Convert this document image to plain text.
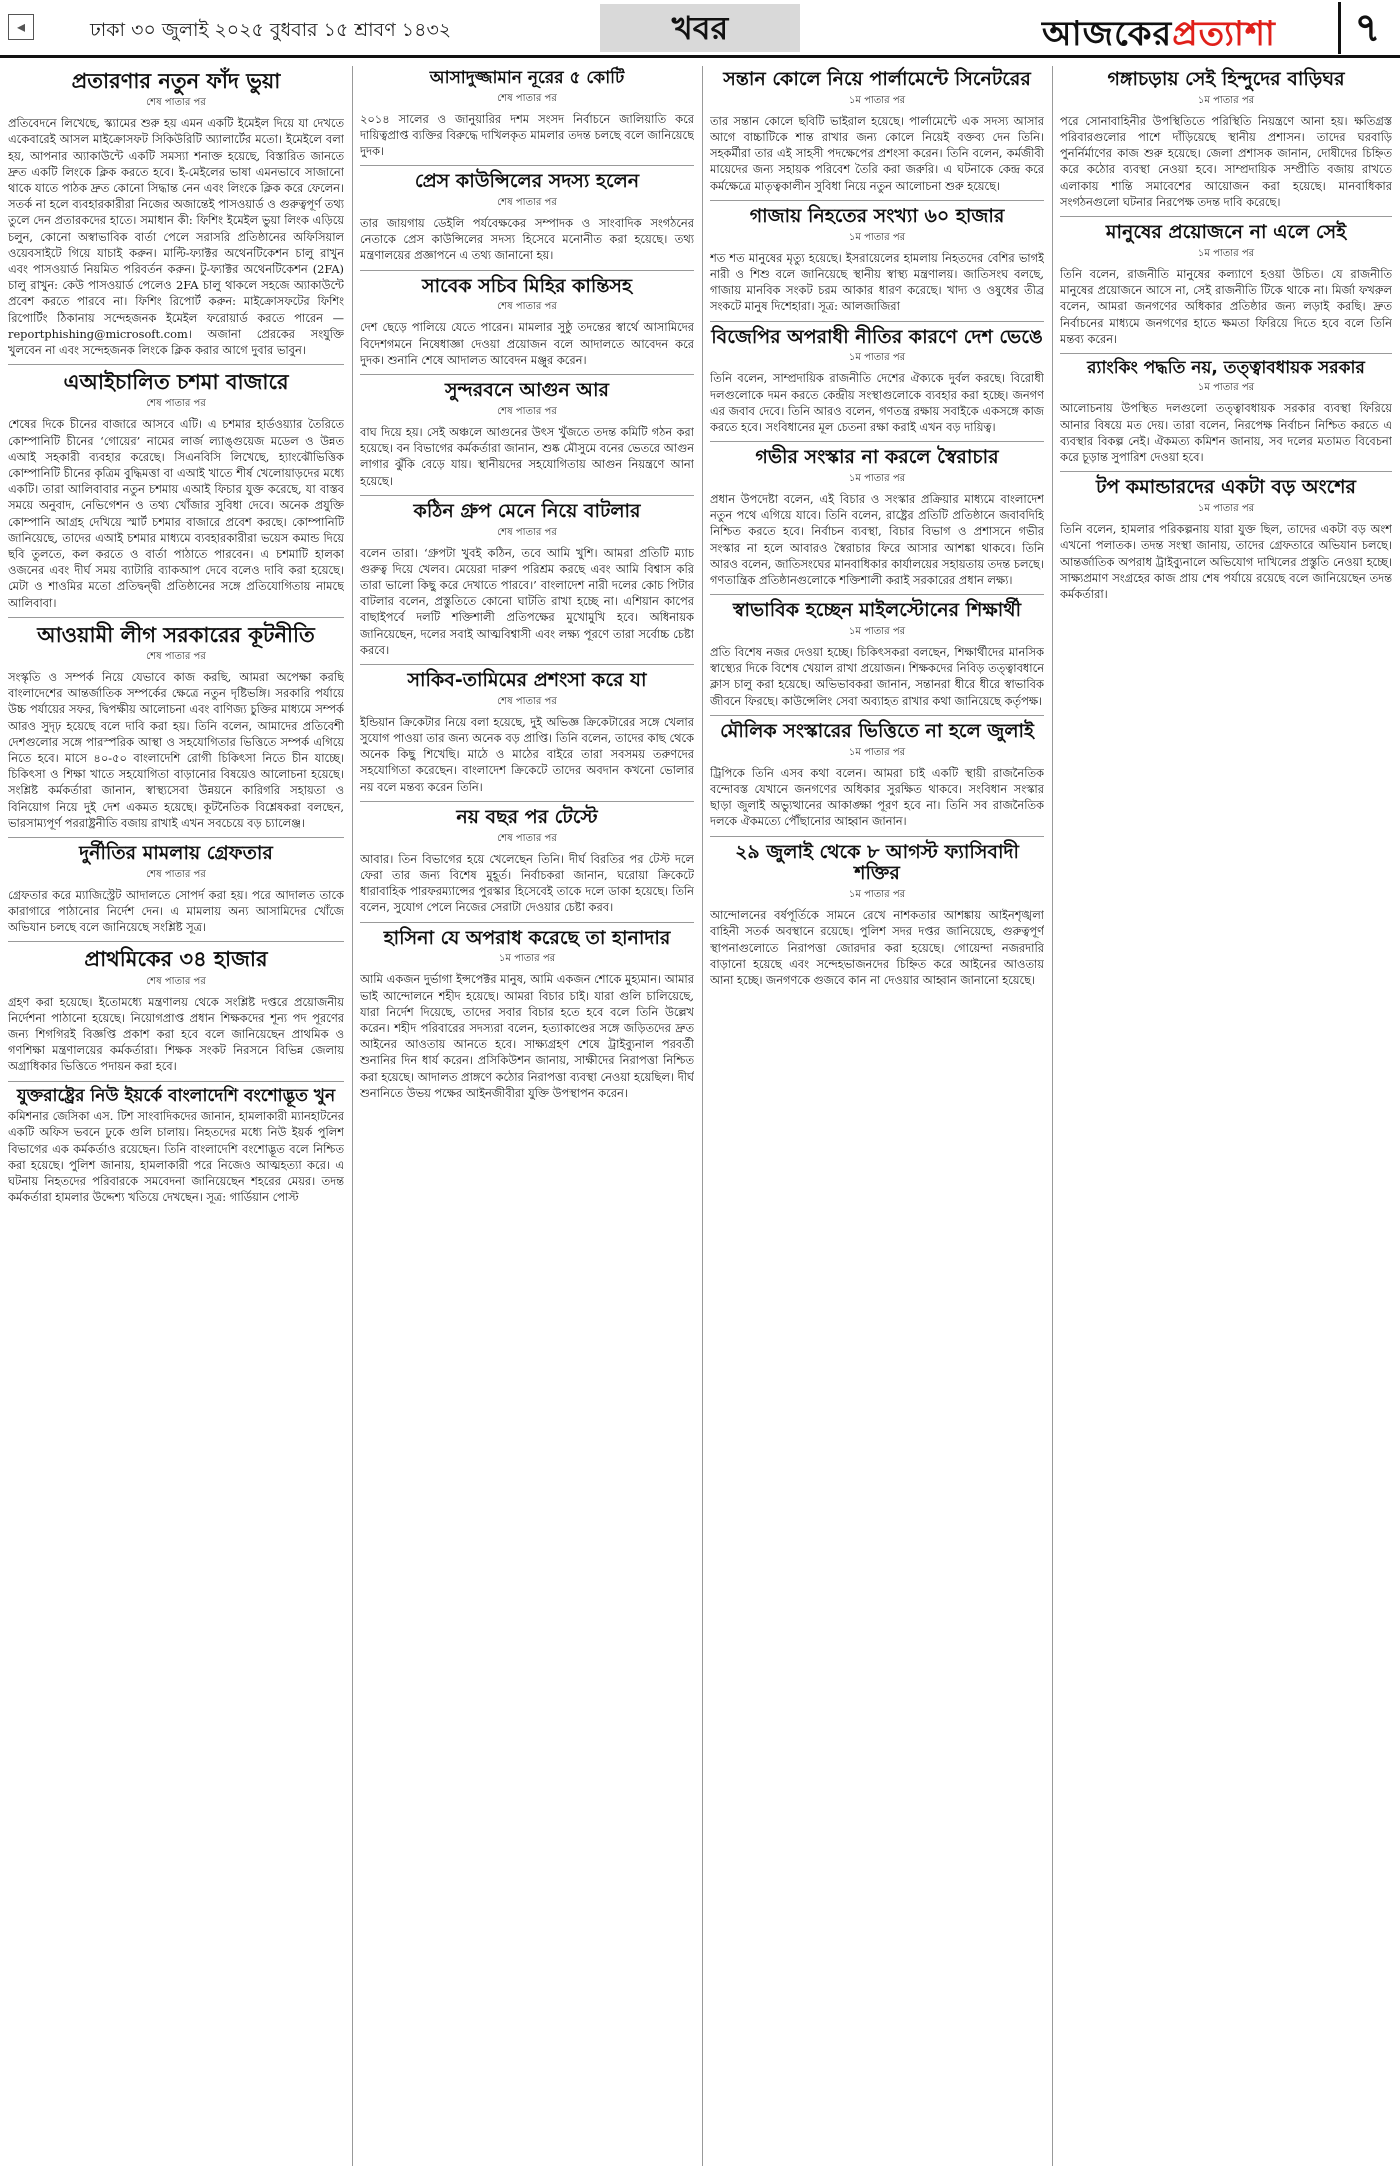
◂	ঢাকা ৩০ জুলাই ২০২৫ বুধবার ১৫ শ্রাবণ ১৪৩২	খবর	আজকেরপ্রত্যাশা	৭
প্রতারণার নতুন ফাঁদ ভুয়া
শেষ পাতার পর
প্রতিবেদনে লিখেছে, স্ক্যামের শুরু হয় এমন একটি ইমেইল দিয়ে যা দেখতে একেবারেই আসল মাইক্রোসফট সিকিউরিটি অ্যালার্টের মতো। ইমেইলে বলা হয়, আপনার অ্যাকাউন্টে একটি সমস্যা শনাক্ত হয়েছে, বিস্তারিত জানতে দ্রুত একটি লিংকে ক্লিক করতে হবে। ই-মেইলের ভাষা এমনভাবে সাজানো থাকে যাতে পাঠক দ্রুত কোনো সিদ্ধান্ত নেন এবং লিংকে ক্লিক করে ফেলেন। সতর্ক না হলে ব্যবহারকারীরা নিজের অজান্তেই পাসওয়ার্ড ও গুরুত্বপূর্ণ তথ্য তুলে দেন প্রতারকদের হাতে। সমাধান কী: ফিশিং ইমেইল ভুয়া লিংক এড়িয়ে চলুন, কোনো অস্বাভাবিক বার্তা পেলে সরাসরি প্রতিষ্ঠানের অফিসিয়াল ওয়েবসাইটে গিয়ে যাচাই করুন। মাল্টি-ফ্যাক্টর অথেনটিকেশন চালু রাখুন এবং পাসওয়ার্ড নিয়মিত পরিবর্তন করুন। টু-ফ্যাক্টর অথেনটিকেশন (2FA) চালু রাখুন: কেউ পাসওয়ার্ড পেলেও 2FA চালু থাকলে সহজে অ্যাকাউন্টে প্রবেশ করতে পারবে না। ফিশিং রিপোর্ট করুন: মাইক্রোসফটের ফিশিং রিপোর্টিং ঠিকানায় সন্দেহজনক ইমেইল ফরোয়ার্ড করতে পারেন — reportphishing@microsoft.com। অজানা প্রেরকের সংযুক্তি খুলবেন না এবং সন্দেহজনক লিংকে ক্লিক করার আগে দুবার ভাবুন।
এআইচালিত চশমা বাজারে
শেষ পাতার পর
শেষের দিকে চীনের বাজারে আসবে এটি। এ চশমার হার্ডওয়্যার তৈরিতে কোম্পানিটি চীনের ‘গোয়ের’ নামের লার্জ ল্যাঙ্গুয়েজ মডেল ও উন্নত এআই সহকারী ব্যবহার করেছে। সিএনবিসি লিখেছে, হ্যাংঝৌভিত্তিক কোম্পানিটি চীনের কৃত্রিম বুদ্ধিমত্তা বা এআই খাতে শীর্ষ খেলোয়াড়দের মধ্যে একটি। তারা আলিবাবার নতুন চশমায় এআই ফিচার যুক্ত করেছে, যা বাস্তব সময়ে অনুবাদ, নেভিগেশন ও তথ্য খোঁজার সুবিধা দেবে। অনেক প্রযুক্তি কোম্পানি আগ্রহ দেখিয়ে স্মার্ট চশমার বাজারে প্রবেশ করছে। কোম্পানিটি জানিয়েছে, তাদের এআই চশমার মাধ্যমে ব্যবহারকারীরা ভয়েস কমান্ড দিয়ে ছবি তুলতে, কল করতে ও বার্তা পাঠাতে পারবেন। এ চশমাটি হালকা ওজনের এবং দীর্ঘ সময় ব্যাটারি ব্যাকআপ দেবে বলেও দাবি করা হয়েছে। মেটা ও শাওমির মতো প্রতিদ্বন্দ্বী প্রতিষ্ঠানের সঙ্গে প্রতিযোগিতায় নামছে আলিবাবা।
আওয়ামী লীগ সরকারের কূটনীতি
শেষ পাতার পর
সংস্কৃতি ও সম্পর্ক নিয়ে যেভাবে কাজ করছি, আমরা অপেক্ষা করছি বাংলাদেশের আন্তর্জাতিক সম্পর্কের ক্ষেত্রে নতুন দৃষ্টিভঙ্গি। সরকারি পর্যায়ে উচ্চ পর্যায়ের সফর, দ্বিপক্ষীয় আলোচনা এবং বাণিজ্য চুক্তির মাধ্যমে সম্পর্ক আরও সুদৃঢ় হয়েছে বলে দাবি করা হয়। তিনি বলেন, আমাদের প্রতিবেশী দেশগুলোর সঙ্গে পারস্পরিক আস্থা ও সহযোগিতার ভিত্তিতে সম্পর্ক এগিয়ে নিতে হবে। মাসে ৪০-৫০ বাংলাদেশি রোগী চিকিৎসা নিতে চীন যাচ্ছে। চিকিৎসা ও শিক্ষা খাতে সহযোগিতা বাড়ানোর বিষয়েও আলোচনা হয়েছে। সংশ্লিষ্ট কর্মকর্তারা জানান, স্বাস্থ্যসেবা উন্নয়নে কারিগরি সহায়তা ও বিনিয়োগ নিয়ে দুই দেশ একমত হয়েছে। কূটনৈতিক বিশ্লেষকরা বলছেন, ভারসাম্যপূর্ণ পররাষ্ট্রনীতি বজায় রাখাই এখন সবচেয়ে বড় চ্যালেঞ্জ।
দুর্নীতির মামলায় গ্রেফতার
শেষ পাতার পর
গ্রেফতার করে ম্যাজিস্ট্রেট আদালতে সোপর্দ করা হয়। পরে আদালত তাকে কারাগারে পাঠানোর নির্দেশ দেন। এ মামলায় অন্য আসামিদের খোঁজে অভিযান চলছে বলে জানিয়েছে সংশ্লিষ্ট সূত্র।
প্রাথমিকের ৩৪ হাজার
শেষ পাতার পর
গ্রহণ করা হয়েছে। ইতোমধ্যে মন্ত্রণালয় থেকে সংশ্লিষ্ট দপ্তরে প্রয়োজনীয় নির্দেশনা পাঠানো হয়েছে। নিয়োগপ্রাপ্ত প্রধান শিক্ষকদের শূন্য পদ পূরণের জন্য শিগগিরই বিজ্ঞপ্তি প্রকাশ করা হবে বলে জানিয়েছেন প্রাথমিক ও গণশিক্ষা মন্ত্রণালয়ের কর্মকর্তারা। শিক্ষক সংকট নিরসনে বিভিন্ন জেলায় অগ্রাধিকার ভিত্তিতে পদায়ন করা হবে।
যুক্তরাষ্ট্রের নিউ ইয়র্কে বাংলাদেশি বংশোদ্ভূত খুন
কমিশনার জেসিকা এস. টিশ সাংবাদিকদের জানান, হামলাকারী ম্যানহাটনের একটি অফিস ভবনে ঢুকে গুলি চালায়। নিহতদের মধ্যে নিউ ইয়র্ক পুলিশ বিভাগের এক কর্মকর্তাও রয়েছেন। তিনি বাংলাদেশি বংশোদ্ভূত বলে নিশ্চিত করা হয়েছে। পুলিশ জানায়, হামলাকারী পরে নিজেও আত্মহত্যা করে। এ ঘটনায় নিহতদের পরিবারকে সমবেদনা জানিয়েছেন শহরের মেয়র। তদন্ত কর্মকর্তারা হামলার উদ্দেশ্য খতিয়ে দেখছেন। সূত্র: গার্ডিয়ান পোস্ট
আসাদুজ্জামান নূরের ৫ কোটি
শেষ পাতার পর
২০১৪ সালের ও জানুয়ারির দশম সংসদ নির্বাচনে জালিয়াতি করে দায়িত্বপ্রাপ্ত ব্যক্তির বিরুদ্ধে দাখিলকৃত মামলার তদন্ত চলছে বলে জানিয়েছে দুদক।
প্রেস কাউন্সিলের সদস্য হলেন
শেষ পাতার পর
তার জায়গায় ডেইলি পর্যবেক্ষকের সম্পাদক ও সাংবাদিক সংগঠনের নেতাকে প্রেস কাউন্সিলের সদস্য হিসেবে মনোনীত করা হয়েছে। তথ্য মন্ত্রণালয়ের প্রজ্ঞাপনে এ তথ্য জানানো হয়।
সাবেক সচিব মিহির কান্তিসহ
শেষ পাতার পর
দেশ ছেড়ে পালিয়ে যেতে পারেন। মামলার সুষ্ঠু তদন্তের স্বার্থে আসামিদের বিদেশগমনে নিষেধাজ্ঞা দেওয়া প্রয়োজন বলে আদালতে আবেদন করে দুদক। শুনানি শেষে আদালত আবেদন মঞ্জুর করেন।
সুন্দরবনে আগুন আর
শেষ পাতার পর
বাঘ দিয়ে হয়। সেই অঞ্চলে আগুনের উৎস খুঁজতে তদন্ত কমিটি গঠন করা হয়েছে। বন বিভাগের কর্মকর্তারা জানান, শুষ্ক মৌসুমে বনের ভেতরে আগুন লাগার ঝুঁকি বেড়ে যায়। স্থানীয়দের সহযোগিতায় আগুন নিয়ন্ত্রণে আনা হয়েছে।
কঠিন গ্রুপ মেনে নিয়ে বাটলার
শেষ পাতার পর
বলেন তারা। ‘গ্রুপটা খুবই কঠিন, তবে আমি খুশি। আমরা প্রতিটি ম্যাচ গুরুত্ব দিয়ে খেলব। মেয়েরা দারুণ পরিশ্রম করছে এবং আমি বিশ্বাস করি তারা ভালো কিছু করে দেখাতে পারবে।’ বাংলাদেশ নারী দলের কোচ পিটার বাটলার বলেন, প্রস্তুতিতে কোনো ঘাটতি রাখা হচ্ছে না। এশিয়ান কাপের বাছাইপর্বে দলটি শক্তিশালী প্রতিপক্ষের মুখোমুখি হবে। অধিনায়ক জানিয়েছেন, দলের সবাই আত্মবিশ্বাসী এবং লক্ষ্য পূরণে তারা সর্বোচ্চ চেষ্টা করবে।
সাকিব-তামিমের প্রশংসা করে যা
শেষ পাতার পর
ইন্ডিয়ান ক্রিকেটার নিয়ে বলা হয়েছে, দুই অভিজ্ঞ ক্রিকেটারের সঙ্গে খেলার সুযোগ পাওয়া তার জন্য অনেক বড় প্রাপ্তি। তিনি বলেন, তাদের কাছ থেকে অনেক কিছু শিখেছি। মাঠে ও মাঠের বাইরে তারা সবসময় তরুণদের সহযোগিতা করেছেন। বাংলাদেশ ক্রিকেটে তাদের অবদান কখনো ভোলার নয় বলে মন্তব্য করেন তিনি।
নয় বছর পর টেস্টে
শেষ পাতার পর
আবার। তিন বিভাগের হয়ে খেলেছেন তিনি। দীর্ঘ বিরতির পর টেস্ট দলে ফেরা তার জন্য বিশেষ মুহূর্ত। নির্বাচকরা জানান, ঘরোয়া ক্রিকেটে ধারাবাহিক পারফরম্যান্সের পুরস্কার হিসেবেই তাকে দলে ডাকা হয়েছে। তিনি বলেন, সুযোগ পেলে নিজের সেরাটা দেওয়ার চেষ্টা করব।
হাসিনা যে অপরাধ করেছে তা হানাদার
১ম পাতার পর
আমি একজন দুর্ভাগা ইন্সপেক্টর মানুষ, আমি একজন শোকে মুহ্যমান। আমার ভাই আন্দোলনে শহীদ হয়েছে। আমরা বিচার চাই। যারা গুলি চালিয়েছে, যারা নির্দেশ দিয়েছে, তাদের সবার বিচার হতে হবে বলে তিনি উল্লেখ করেন। শহীদ পরিবারের সদস্যরা বলেন, হত্যাকাণ্ডের সঙ্গে জড়িতদের দ্রুত আইনের আওতায় আনতে হবে। সাক্ষ্যগ্রহণ শেষে ট্রাইব্যুনাল পরবর্তী শুনানির দিন ধার্য করেন। প্রসিকিউশন জানায়, সাক্ষীদের নিরাপত্তা নিশ্চিত করা হয়েছে। আদালত প্রাঙ্গণে কঠোর নিরাপত্তা ব্যবস্থা নেওয়া হয়েছিল। দীর্ঘ শুনানিতে উভয় পক্ষের আইনজীবীরা যুক্তি উপস্থাপন করেন।
সন্তান কোলে নিয়ে পার্লামেন্টে সিনেটরের
১ম পাতার পর
তার সন্তান কোলে ছবিটি ভাইরাল হয়েছে। পার্লামেন্টে এক সদস্য আসার আগে বাচ্চাটিকে শান্ত রাখার জন্য কোলে নিয়েই বক্তব্য দেন তিনি। সহকর্মীরা তার এই সাহসী পদক্ষেপের প্রশংসা করেন। তিনি বলেন, কর্মজীবী মায়েদের জন্য সহায়ক পরিবেশ তৈরি করা জরুরি। এ ঘটনাকে কেন্দ্র করে কর্মক্ষেত্রে মাতৃত্বকালীন সুবিধা নিয়ে নতুন আলোচনা শুরু হয়েছে।
গাজায় নিহতের সংখ্যা ৬০ হাজার
১ম পাতার পর
শত শত মানুষের মৃত্যু হয়েছে। ইসরায়েলের হামলায় নিহতদের বেশির ভাগই নারী ও শিশু বলে জানিয়েছে স্থানীয় স্বাস্থ্য মন্ত্রণালয়। জাতিসংঘ বলছে, গাজায় মানবিক সংকট চরম আকার ধারণ করেছে। খাদ্য ও ওষুধের তীব্র সংকটে মানুষ দিশেহারা। সূত্র: আলজাজিরা
বিজেপির অপরাধী নীতির কারণে দেশ ভেঙে
১ম পাতার পর
তিনি বলেন, সাম্প্রদায়িক রাজনীতি দেশের ঐক্যকে দুর্বল করছে। বিরোধী দলগুলোকে দমন করতে কেন্দ্রীয় সংস্থাগুলোকে ব্যবহার করা হচ্ছে। জনগণ এর জবাব দেবে। তিনি আরও বলেন, গণতন্ত্র রক্ষায় সবাইকে একসঙ্গে কাজ করতে হবে। সংবিধানের মূল চেতনা রক্ষা করাই এখন বড় দায়িত্ব।
গভীর সংস্কার না করলে স্বৈরাচার
১ম পাতার পর
প্রধান উপদেষ্টা বলেন, এই বিচার ও সংস্কার প্রক্রিয়ার মাধ্যমে বাংলাদেশ নতুন পথে এগিয়ে যাবে। তিনি বলেন, রাষ্ট্রের প্রতিটি প্রতিষ্ঠানে জবাবদিহি নিশ্চিত করতে হবে। নির্বাচন ব্যবস্থা, বিচার বিভাগ ও প্রশাসনে গভীর সংস্কার না হলে আবারও স্বৈরাচার ফিরে আসার আশঙ্কা থাকবে। তিনি আরও বলেন, জাতিসংঘের মানবাধিকার কার্যালয়ের সহায়তায় তদন্ত চলছে। গণতান্ত্রিক প্রতিষ্ঠানগুলোকে শক্তিশালী করাই সরকারের প্রধান লক্ষ্য।
স্বাভাবিক হচ্ছেন মাইলস্টোনের শিক্ষার্থী
১ম পাতার পর
প্রতি বিশেষ নজর দেওয়া হচ্ছে। চিকিৎসকরা বলছেন, শিক্ষার্থীদের মানসিক স্বাস্থ্যের দিকে বিশেষ খেয়াল রাখা প্রয়োজন। শিক্ষকদের নিবিড় তত্ত্বাবধানে ক্লাস চালু করা হয়েছে। অভিভাবকরা জানান, সন্তানরা ধীরে ধীরে স্বাভাবিক জীবনে ফিরছে। কাউন্সেলিং সেবা অব্যাহত রাখার কথা জানিয়েছে কর্তৃপক্ষ।
মৌলিক সংস্কারের ভিত্তিতে না হলে জুলাই
১ম পাতার পর
ট্রিপিকে তিনি এসব কথা বলেন। আমরা চাই একটি স্থায়ী রাজনৈতিক বন্দোবস্ত যেখানে জনগণের অধিকার সুরক্ষিত থাকবে। সংবিধান সংস্কার ছাড়া জুলাই অভ্যুত্থানের আকাঙ্ক্ষা পূরণ হবে না। তিনি সব রাজনৈতিক দলকে ঐকমত্যে পৌঁছানোর আহ্বান জানান।
২৯ জুলাই থেকে ৮ আগস্ট ফ্যাসিবাদী শক্তির
১ম পাতার পর
আন্দোলনের বর্ষপূর্তিকে সামনে রেখে নাশকতার আশঙ্কায় আইনশৃঙ্খলা বাহিনী সতর্ক অবস্থানে রয়েছে। পুলিশ সদর দপ্তর জানিয়েছে, গুরুত্বপূর্ণ স্থাপনাগুলোতে নিরাপত্তা জোরদার করা হয়েছে। গোয়েন্দা নজরদারি বাড়ানো হয়েছে এবং সন্দেহভাজনদের চিহ্নিত করে আইনের আওতায় আনা হচ্ছে। জনগণকে গুজবে কান না দেওয়ার আহ্বান জানানো হয়েছে।
গঙ্গাচড়ায় সেই হিন্দুদের বাড়িঘর
১ম পাতার পর
পরে সোনাবাহিনীর উপস্থিতিতে পরিস্থিতি নিয়ন্ত্রণে আনা হয়। ক্ষতিগ্রস্ত পরিবারগুলোর পাশে দাঁড়িয়েছে স্থানীয় প্রশাসন। তাদের ঘরবাড়ি পুনর্নির্মাণের কাজ শুরু হয়েছে। জেলা প্রশাসক জানান, দোষীদের চিহ্নিত করে কঠোর ব্যবস্থা নেওয়া হবে। সাম্প্রদায়িক সম্প্রীতি বজায় রাখতে এলাকায় শান্তি সমাবেশের আয়োজন করা হয়েছে। মানবাধিকার সংগঠনগুলো ঘটনার নিরপেক্ষ তদন্ত দাবি করেছে।
মানুষের প্রয়োজনে না এলে সেই
১ম পাতার পর
তিনি বলেন, রাজনীতি মানুষের কল্যাণে হওয়া উচিত। যে রাজনীতি মানুষের প্রয়োজনে আসে না, সেই রাজনীতি টিকে থাকে না। মির্জা ফখরুল বলেন, আমরা জনগণের অধিকার প্রতিষ্ঠার জন্য লড়াই করছি। দ্রুত নির্বাচনের মাধ্যমে জনগণের হাতে ক্ষমতা ফিরিয়ে দিতে হবে বলে তিনি মন্তব্য করেন।
র‌্যাংকিং পদ্ধতি নয়, তত্ত্বাবধায়ক সরকার
১ম পাতার পর
আলোচনায় উপস্থিত দলগুলো তত্ত্বাবধায়ক সরকার ব্যবস্থা ফিরিয়ে আনার বিষয়ে মত দেয়। তারা বলেন, নিরপেক্ষ নির্বাচন নিশ্চিত করতে এ ব্যবস্থার বিকল্প নেই। ঐকমত্য কমিশন জানায়, সব দলের মতামত বিবেচনা করে চূড়ান্ত সুপারিশ দেওয়া হবে।
টপ কমান্ডারদের একটা বড় অংশের
১ম পাতার পর
তিনি বলেন, হামলার পরিকল্পনায় যারা যুক্ত ছিল, তাদের একটা বড় অংশ এখনো পলাতক। তদন্ত সংস্থা জানায়, তাদের গ্রেফতারে অভিযান চলছে। আন্তর্জাতিক অপরাধ ট্রাইব্যুনালে অভিযোগ দাখিলের প্রস্তুতি নেওয়া হচ্ছে। সাক্ষ্যপ্রমাণ সংগ্রহের কাজ প্রায় শেষ পর্যায়ে রয়েছে বলে জানিয়েছেন তদন্ত কর্মকর্তারা।
